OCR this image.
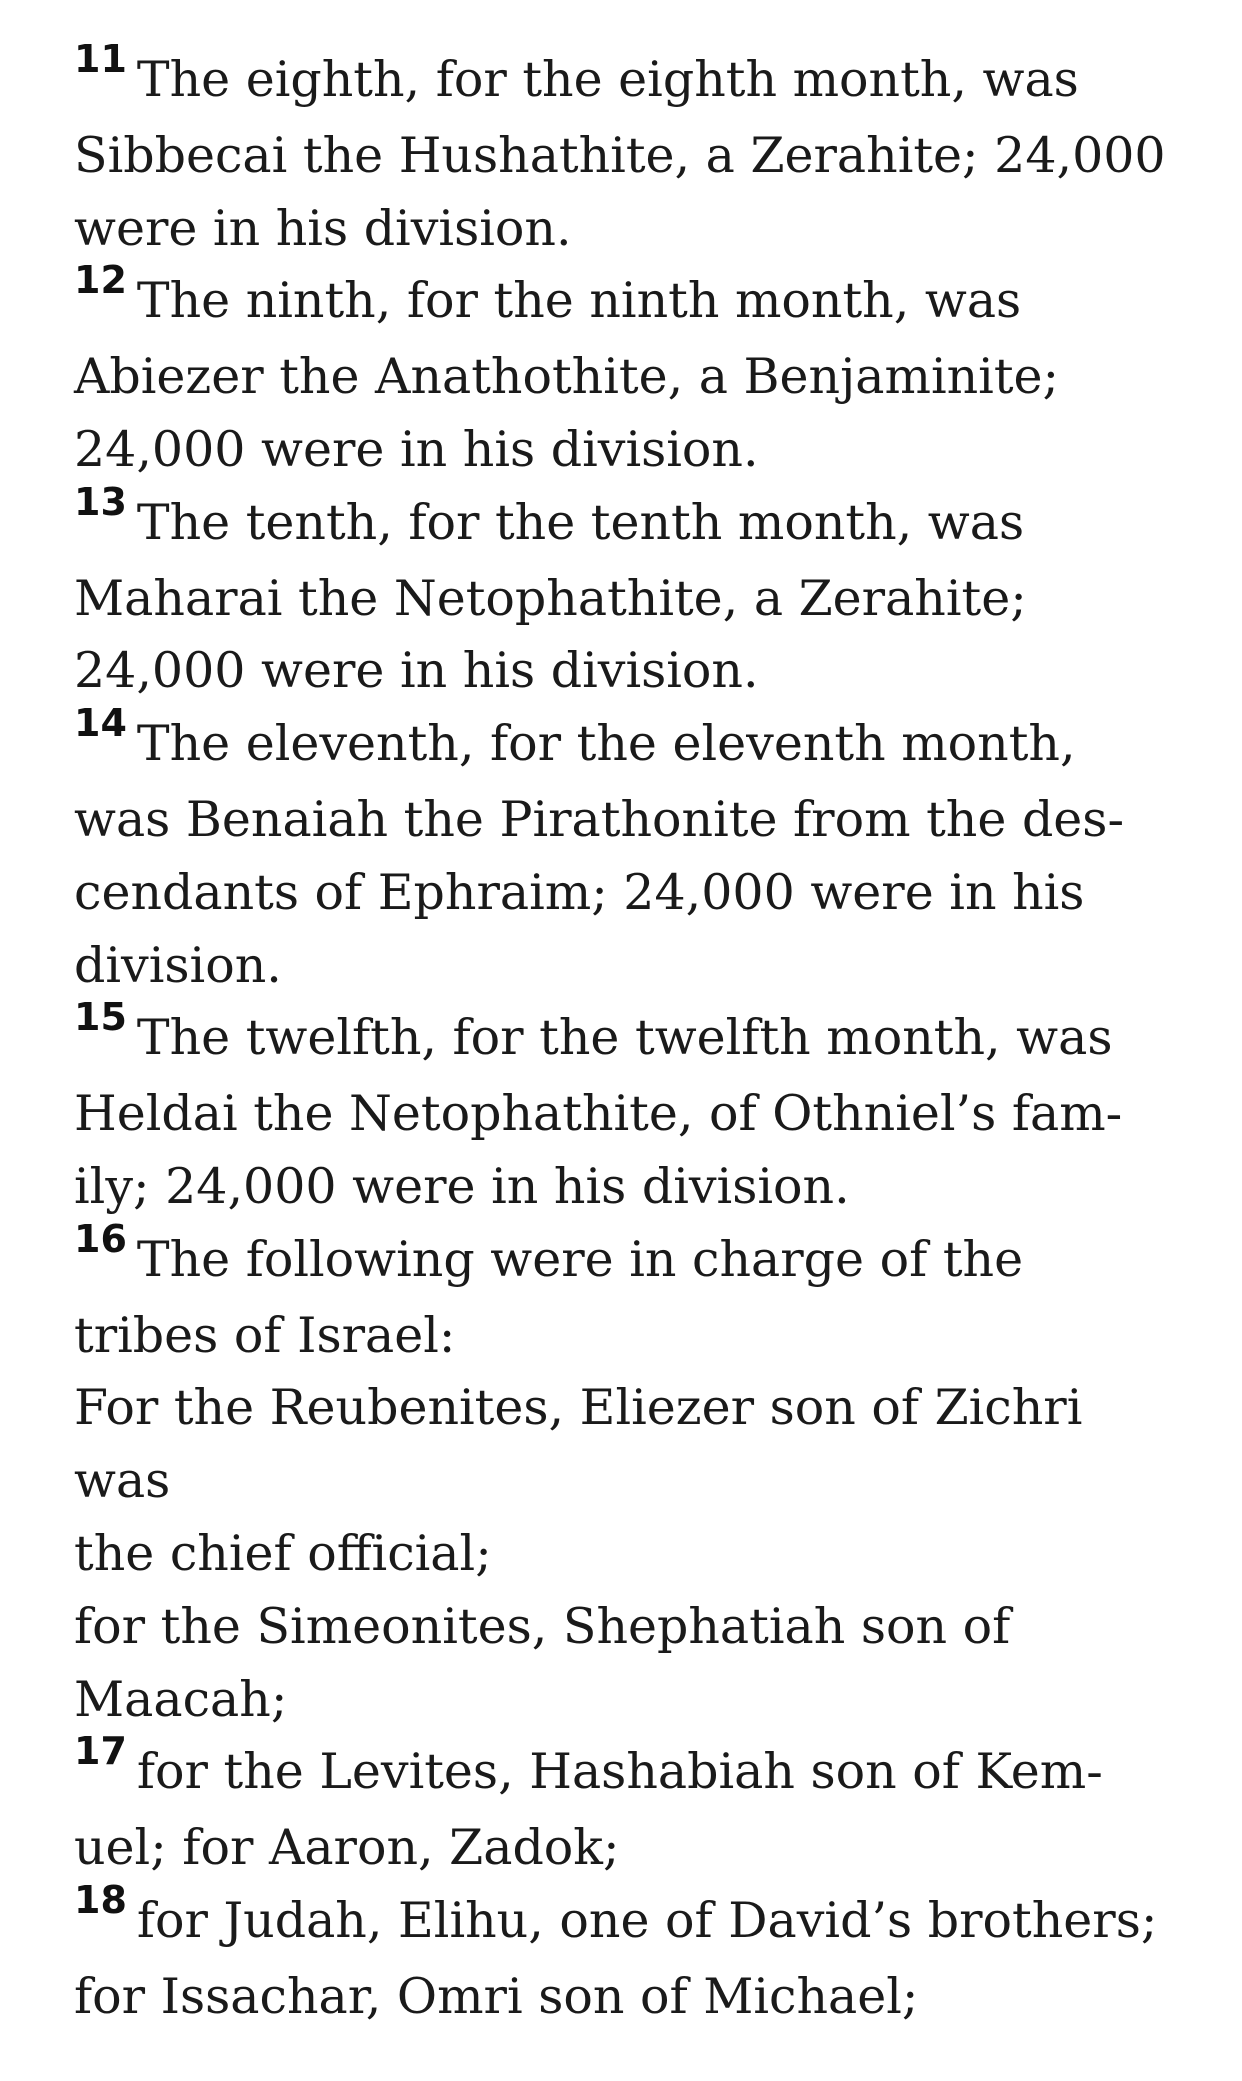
$^{11}$ The eighth, for the eighth month, was
Sibbecai the Hushathite, a Zerahite; 24,000
were in his division.

$^{12}$ The ninth, for the ninth month, was
Abiezer the Anathothite, a Benjaminite;
24,000 were in his division.

$^{13}$ The tenth, for the tenth month, was
Maharai the Netophathite, a Zerahite;
24,000 were in his division.

$^{14}$ The eleventh, for the eleventh month,
was Benaiah the Pirathonite from the des-
cendants of Ephraim; 24,000 were in his
division.

$^{15}$ The twelfth, for the twelfth month, was
Heldai the Netophathite, of Othniel’s fam-
ily; 24,000 were in his division.

$^{16}$ The following were in charge of the
tribes of Israel:

For the Reubenites, Eliezer son of Zichri was
the chief official;

for the Simeonites, Shephatiah son of
Maacah;

$^{17}$ for the Levites, Hashabiah son of Kem-
uel; for Aaron, Zadok;

$^{18}$ for Judah, Elihu, one of David’s brothers;
for Issachar, Omri son of Michael;
